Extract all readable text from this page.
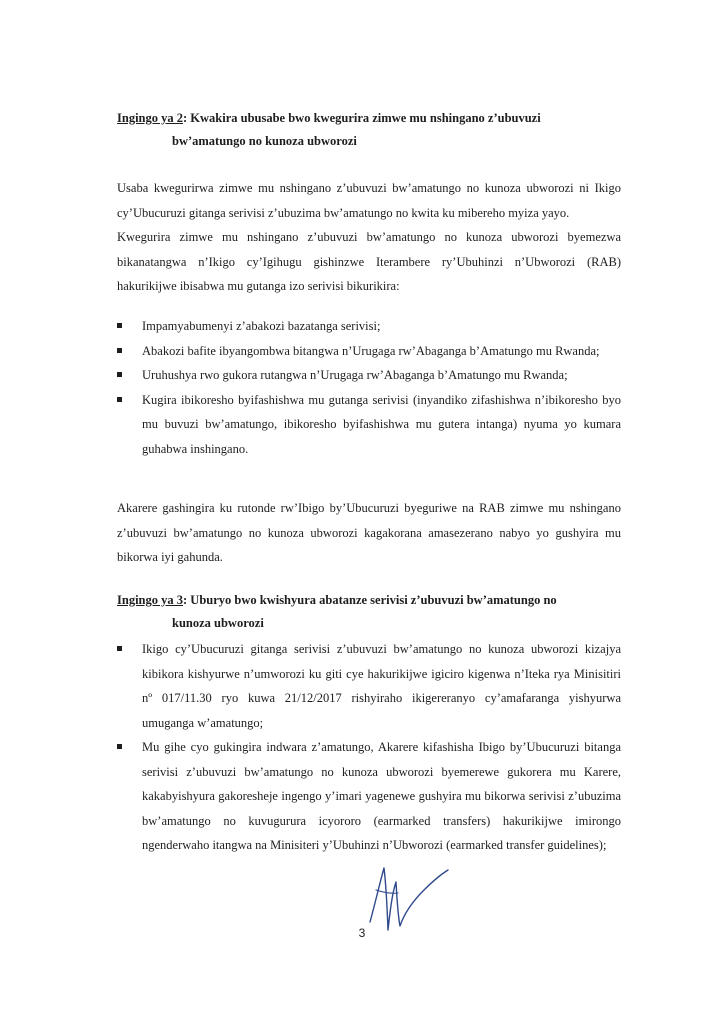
Ingingo ya 2: Kwakira ubusabe bwo kwegurira zimwe mu nshingano z’ubuvuzi
bw’amatungo no kunoza ubworozi
Usaba kwegurirwa zimwe mu nshingano z’ubuvuzi bw’amatungo no kunoza ubworozi ni Ikigo cy’Ubucuruzi gitanga serivisi z’ubuzima bw’amatungo no kwita ku mibereho myiza yayo.
Kwegurira zimwe mu nshingano z’ubuvuzi bw’amatungo no kunoza ubworozi byemezwa bikanatangwa n’Ikigo cy’Igihugu gishinzwe Iterambere ry’Ubuhinzi n’Ubworozi (RAB) hakurikijwe ibisabwa mu gutanga izo serivisi bikurikira:
Impamyabumenyi z’abakozi bazatanga serivisi;
Abakozi bafite ibyangombwa bitangwa n’Urugaga rw’Abaganga b’Amatungo mu Rwanda;
Uruhushya rwo gukora rutangwa n’Urugaga rw’Abaganga b’Amatungo mu Rwanda;
Kugira ibikoresho byifashishwa mu gutanga serivisi (inyandiko zifashishwa n’ibikoresho byo mu buvuzi bw’amatungo, ibikoresho byifashishwa mu gutera intanga) nyuma yo kumara guhabwa inshingano.
Akarere gashingira ku rutonde rw’Ibigo by’Ubucuruzi byeguriwe na RAB zimwe mu nshingano z’ubuvuzi bw’amatungo no kunoza ubworozi kagakorana amasezerano nabyo yo gushyira mu bikorwa iyi gahunda.
Ingingo ya 3: Uburyo bwo kwishyura abatanze serivisi z’ubuvuzi bw’amatungo no
kunoza ubworozi
Ikigo cy’Ubucuruzi gitanga serivisi z’ubuvuzi bw’amatungo no kunoza ubworozi kizajya kibikora kishyurwe n’umworozi ku giti cye hakurikijwe igiciro kigenwa n’Iteka rya Minisitiri nº 017/11.30 ryo kuwa 21/12/2017 rishyiraho ikigereranyo cy’amafaranga yishyurwa umuganga w’amatungo;
Mu gihe cyo gukingira indwara z’amatungo, Akarere kifashisha Ibigo by’Ubucuruzi bitanga serivisi z’ubuvuzi bw’amatungo no kunoza ubworozi byemerewe gukorera mu Karere, kakabyishyura gakoresheje ingengo y’imari yagenewe gushyira mu bikorwa serivisi z’ubuzima bw’amatungo no kuvugurura icyororo (earmarked transfers) hakurikijwe imirongo ngenderwaho itangwa na Minisiteri y’Ubuhinzi n’Ubworozi (earmarked transfer guidelines);
3
